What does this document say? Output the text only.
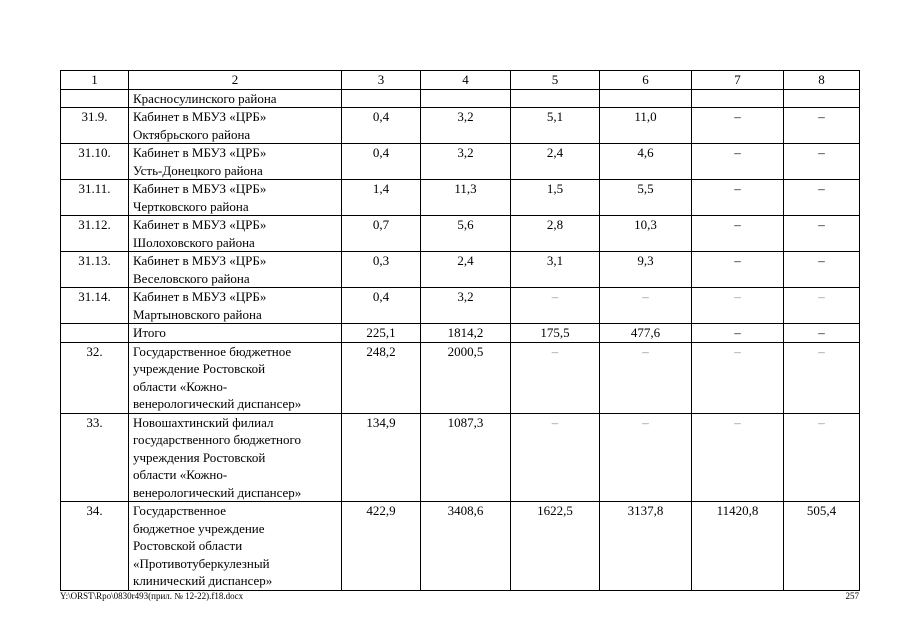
1	2	3	4	5	6	7	8

	Красносулинского района						

31.9.	Кабинет в МБУЗ «ЦРБ»
Октябрьского района	0,4	3,2	5,1	11,0	–	–
31.10.	Кабинет в МБУЗ «ЦРБ»
Усть-Донецкого района	0,4	3,2	2,4	4,6	–	–
31.11.	Кабинет в МБУЗ «ЦРБ»
Чертковского района	1,4	11,3	1,5	5,5	–	–
31.12.	Кабинет в МБУЗ «ЦРБ»
Шолоховского района	0,7	5,6	2,8	10,3	–	–
31.13.	Кабинет в МБУЗ «ЦРБ»
Веселовского района	0,3	2,4	3,1	9,3	–	–
31.14.	Кабинет в МБУЗ «ЦРБ»
Мартыновского района	0,4	3,2	–	–	–	–

	Итого	225,1	1814,2	175,5	477,6	–	–
32.	Государственное бюджетное
учреждение Ростовской
области «Кожно-
венерологический диспансер»	248,2	2000,5	–	–	–	–
33.	Новошахтинский филиал
государственного бюджетного
учреждения Ростовской
области «Кожно-
венерологический диспансер»	134,9	1087,3	–	–	–	–
34.	Государственное
бюджетное учреждение
Ростовской области
«Противотуберкулезный
клинический диспансер»	422,9	3408,6	1622,5	3137,8	11420,8	505,4
Y:\ORST\Rpo\0830r493(прил. № 12-22).f18.docx	257
